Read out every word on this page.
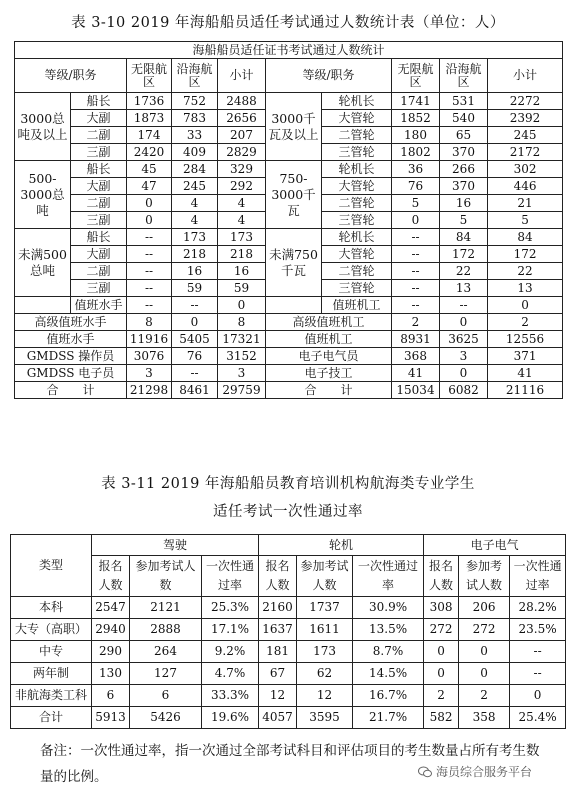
表 3-10 2019 年海船船员适任考试通过人数统计表（单位：人）
海船船员适任证书考试通过人数统计									
等级/职务		无限航区	沿海航区	小计	等级/职务		无限航区	沿海航区	小计
3000总吨及以上	船长	1736	752	2488	3000千瓦及以上	轮机长	1741	531	2272
	大副	1873	783	2656		大管轮	1852	540	2392
	二副	174	33	207		二管轮	180	65	245
	三副	2420	409	2829		三管轮	1802	370	2172
500-3000总吨	船长	45	284	329	750-3000千瓦	轮机长	36	266	302
	大副	47	245	292		大管轮	76	370	446
	二副	0	4	4		二管轮	5	16	21
	三副	0	4	4		三管轮	0	5	5
未满500总吨	船长	--	173	173	未满750千瓦	轮机长	--	84	84
	大副	--	218	218		大管轮	--	172	172
	二副	--	16	16		二管轮	--	22	22
	三副	--	59	59		三管轮	--	13	13
	值班水手	--	--	0		值班机工	--	--	0
高级值班水手		8	0	8	高级值班机工		2	0	2
值班水手		11916	5405	17321	值班机工		8931	3625	12556
GMDSS 操作员		3076	76	3152	电子电气员		368	3	371
GMDSS 电子员		3	--	3	电子技工		41	0	41
合　　计		21298	8461	29759	合　　计		15034	6082	21116
表 3-11 2019 年海船船员教育培训机构航海类专业学生
适任考试一次性通过率
类型	驾驶			轮机			电子电气		
	报名人数	参加考试人数	一次性通过率	报名人数	参加考试人数	一次性通过率	报名人数	参加考试人数	一次性通过率
本科	2547	2121	25.3%	2160	1737	30.9%	308	206	28.2%
大专（高职）	2940	2888	17.1%	1637	1611	13.5%	272	272	23.5%
中专	290	264	9.2%	181	173	8.7%	0	0	--
两年制	130	127	4.7%	67	62	14.5%	0	0	--
非航海类工科	6	6	33.3%	12	12	16.7%	2	2	0
合计	5913	5426	19.6%	4057	3595	21.7%	582	358	25.4%
备注：一次性通过率，指一次通过全部考试科目和评估项目的考生数量占所有考生数量的比例。	海员综合服务平台
